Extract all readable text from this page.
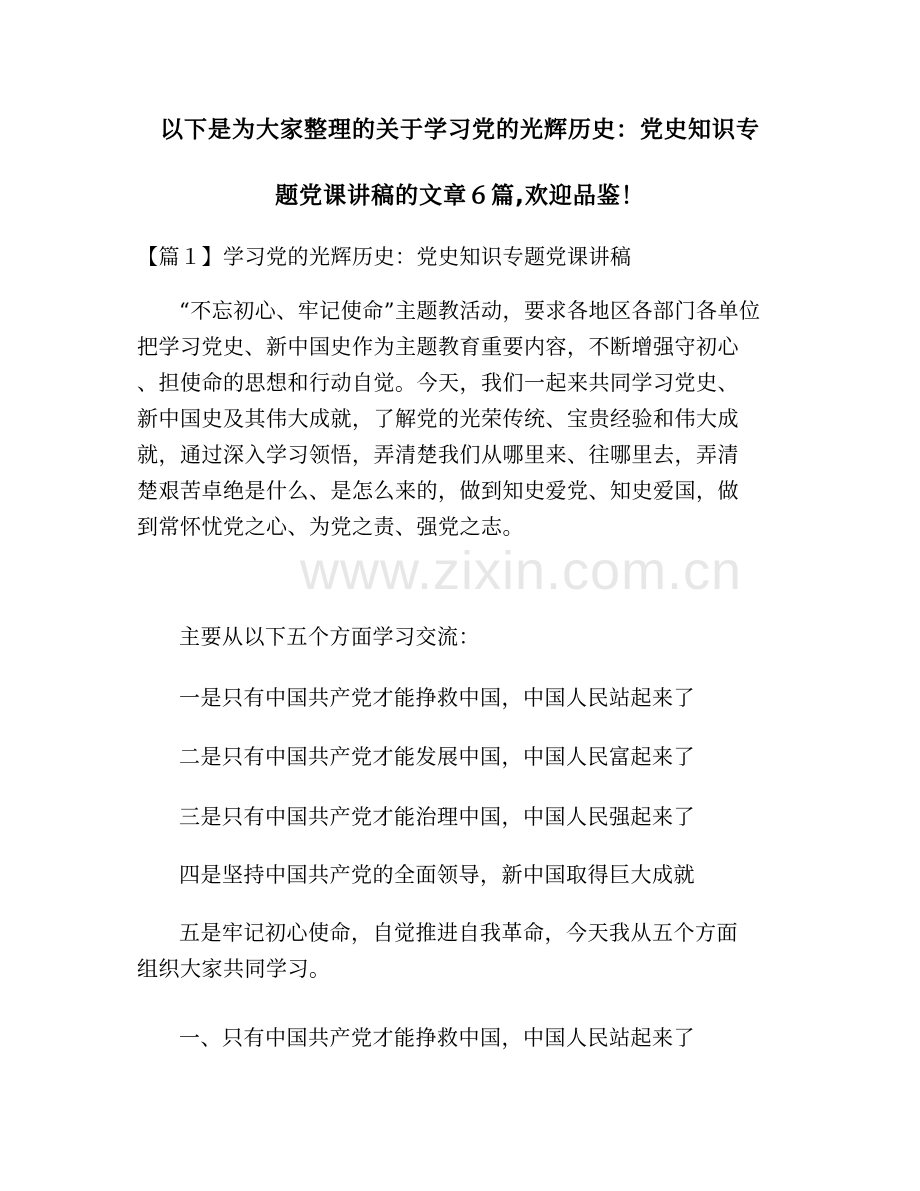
以下是为大家整理的关于学习党的光辉历史：党史知识专
题党课讲稿的文章６篇,欢迎品鉴！
【篇１】学习党的光辉历史：党史知识专题党课讲稿
“不忘初心、牢记使命”主题教活动，要求各地区各部门各单位
把学习党史、新中国史作为主题教育重要内容，不断增强守初心
、担使命的思想和行动自觉。今天，我们一起来共同学习党史、
新中国史及其伟大成就，了解党的光荣传统、宝贵经验和伟大成
就，通过深入学习领悟，弄清楚我们从哪里来、往哪里去，弄清
楚艰苦卓绝是什么、是怎么来的，做到知史爱党、知史爱国，做
到常怀忧党之心、为党之责、强党之志。
主要从以下五个方面学习交流：
一是只有中国共产党才能挣救中国，中国人民站起来了
二是只有中国共产党才能发展中国，中国人民富起来了
三是只有中国共产党才能治理中国，中国人民强起来了
四是坚持中国共产党的全面领导，新中国取得巨大成就
五是牢记初心使命，自觉推进自我革命，今天我从五个方面
组织大家共同学习。
一、只有中国共产党才能挣救中国，中国人民站起来了
www.zixin.com.cn
